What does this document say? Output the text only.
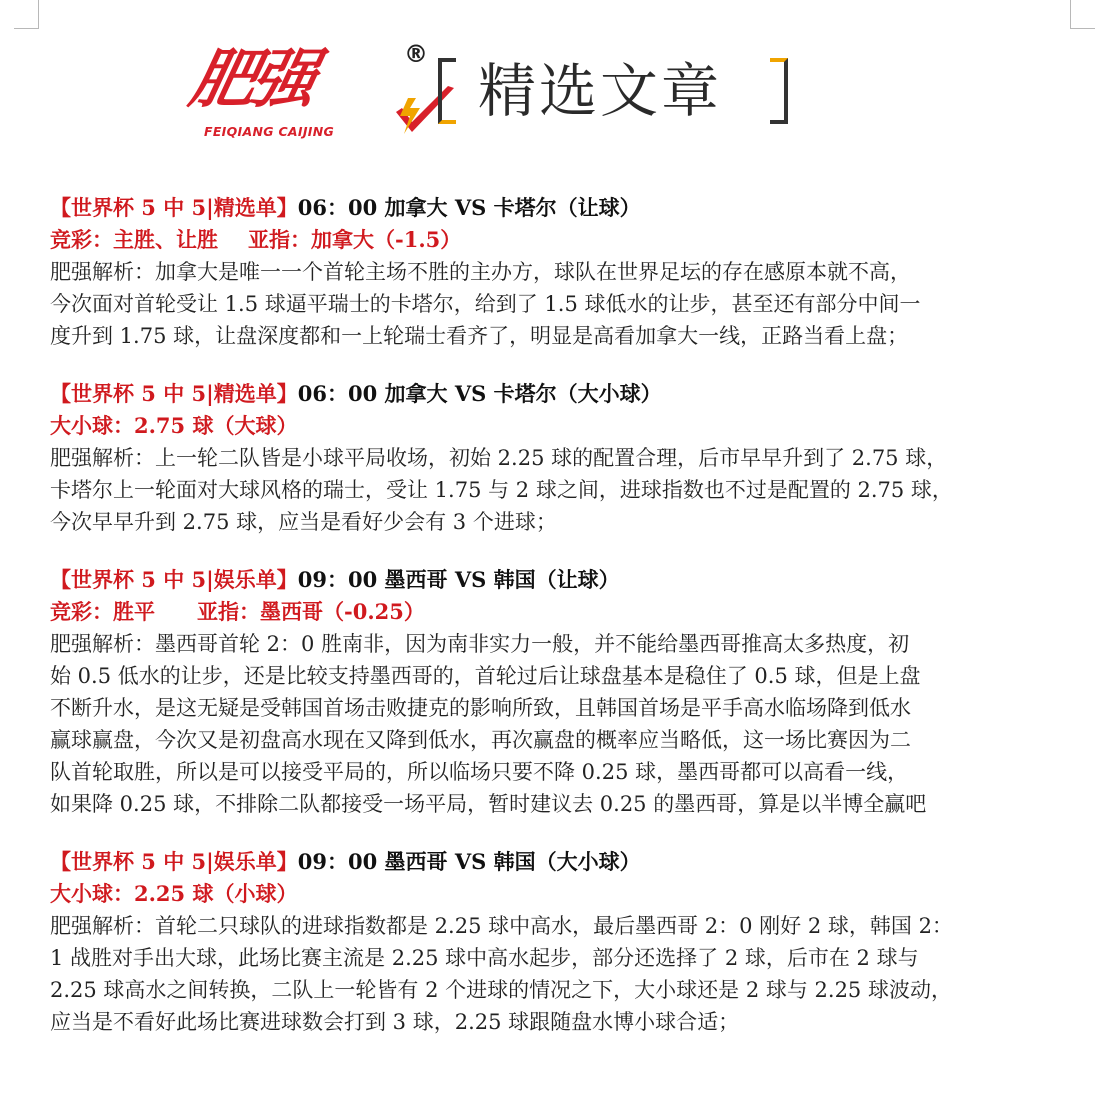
肥强
FEIQIANG CAIJING
®
精选文章
【世界杯 5 中 5|精选单】06：00 加拿大 VS 卡塔尔（让球）
竞彩：主胜、让胜 亚指：加拿大（-1.5）
肥强解析：加拿大是唯一一个首轮主场不胜的主办方，球队在世界足坛的存在感原本就不高，
今次面对首轮受让 1.5 球逼平瑞士的卡塔尔，给到了 1.5 球低水的让步，甚至还有部分中间一
度升到 1.75 球，让盘深度都和一上轮瑞士看齐了，明显是高看加拿大一线，正路当看上盘；
【世界杯 5 中 5|精选单】06：00 加拿大 VS 卡塔尔（大小球）
大小球：2.75 球（大球）
肥强解析：上一轮二队皆是小球平局收场，初始 2.25 球的配置合理，后市早早升到了 2.75 球，
卡塔尔上一轮面对大球风格的瑞士，受让 1.75 与 2 球之间，进球指数也不过是配置的 2.75 球，
今次早早升到 2.75 球，应当是看好少会有 3 个进球；
【世界杯 5 中 5|娱乐单】09：00 墨西哥 VS 韩国（让球）
竞彩：胜平 亚指：墨西哥（-0.25）
肥强解析：墨西哥首轮 2：0 胜南非，因为南非实力一般，并不能给墨西哥推高太多热度，初
始 0.5 低水的让步，还是比较支持墨西哥的，首轮过后让球盘基本是稳住了 0.5 球，但是上盘
不断升水，是这无疑是受韩国首场击败捷克的影响所致，且韩国首场是平手高水临场降到低水
赢球赢盘，今次又是初盘高水现在又降到低水，再次赢盘的概率应当略低，这一场比赛因为二
队首轮取胜，所以是可以接受平局的，所以临场只要不降 0.25 球，墨西哥都可以高看一线，
如果降 0.25 球，不排除二队都接受一场平局，暂时建议去 0.25 的墨西哥，算是以半博全赢吧
【世界杯 5 中 5|娱乐单】09：00 墨西哥 VS 韩国（大小球）
大小球：2.25 球（小球）
肥强解析：首轮二只球队的进球指数都是 2.25 球中高水，最后墨西哥 2：0 刚好 2 球，韩国 2：
1 战胜对手出大球，此场比赛主流是 2.25 球中高水起步，部分还选择了 2 球，后市在 2 球与
2.25 球高水之间转换，二队上一轮皆有 2 个进球的情况之下，大小球还是 2 球与 2.25 球波动，
应当是不看好此场比赛进球数会打到 3 球，2.25 球跟随盘水博小球合适；
